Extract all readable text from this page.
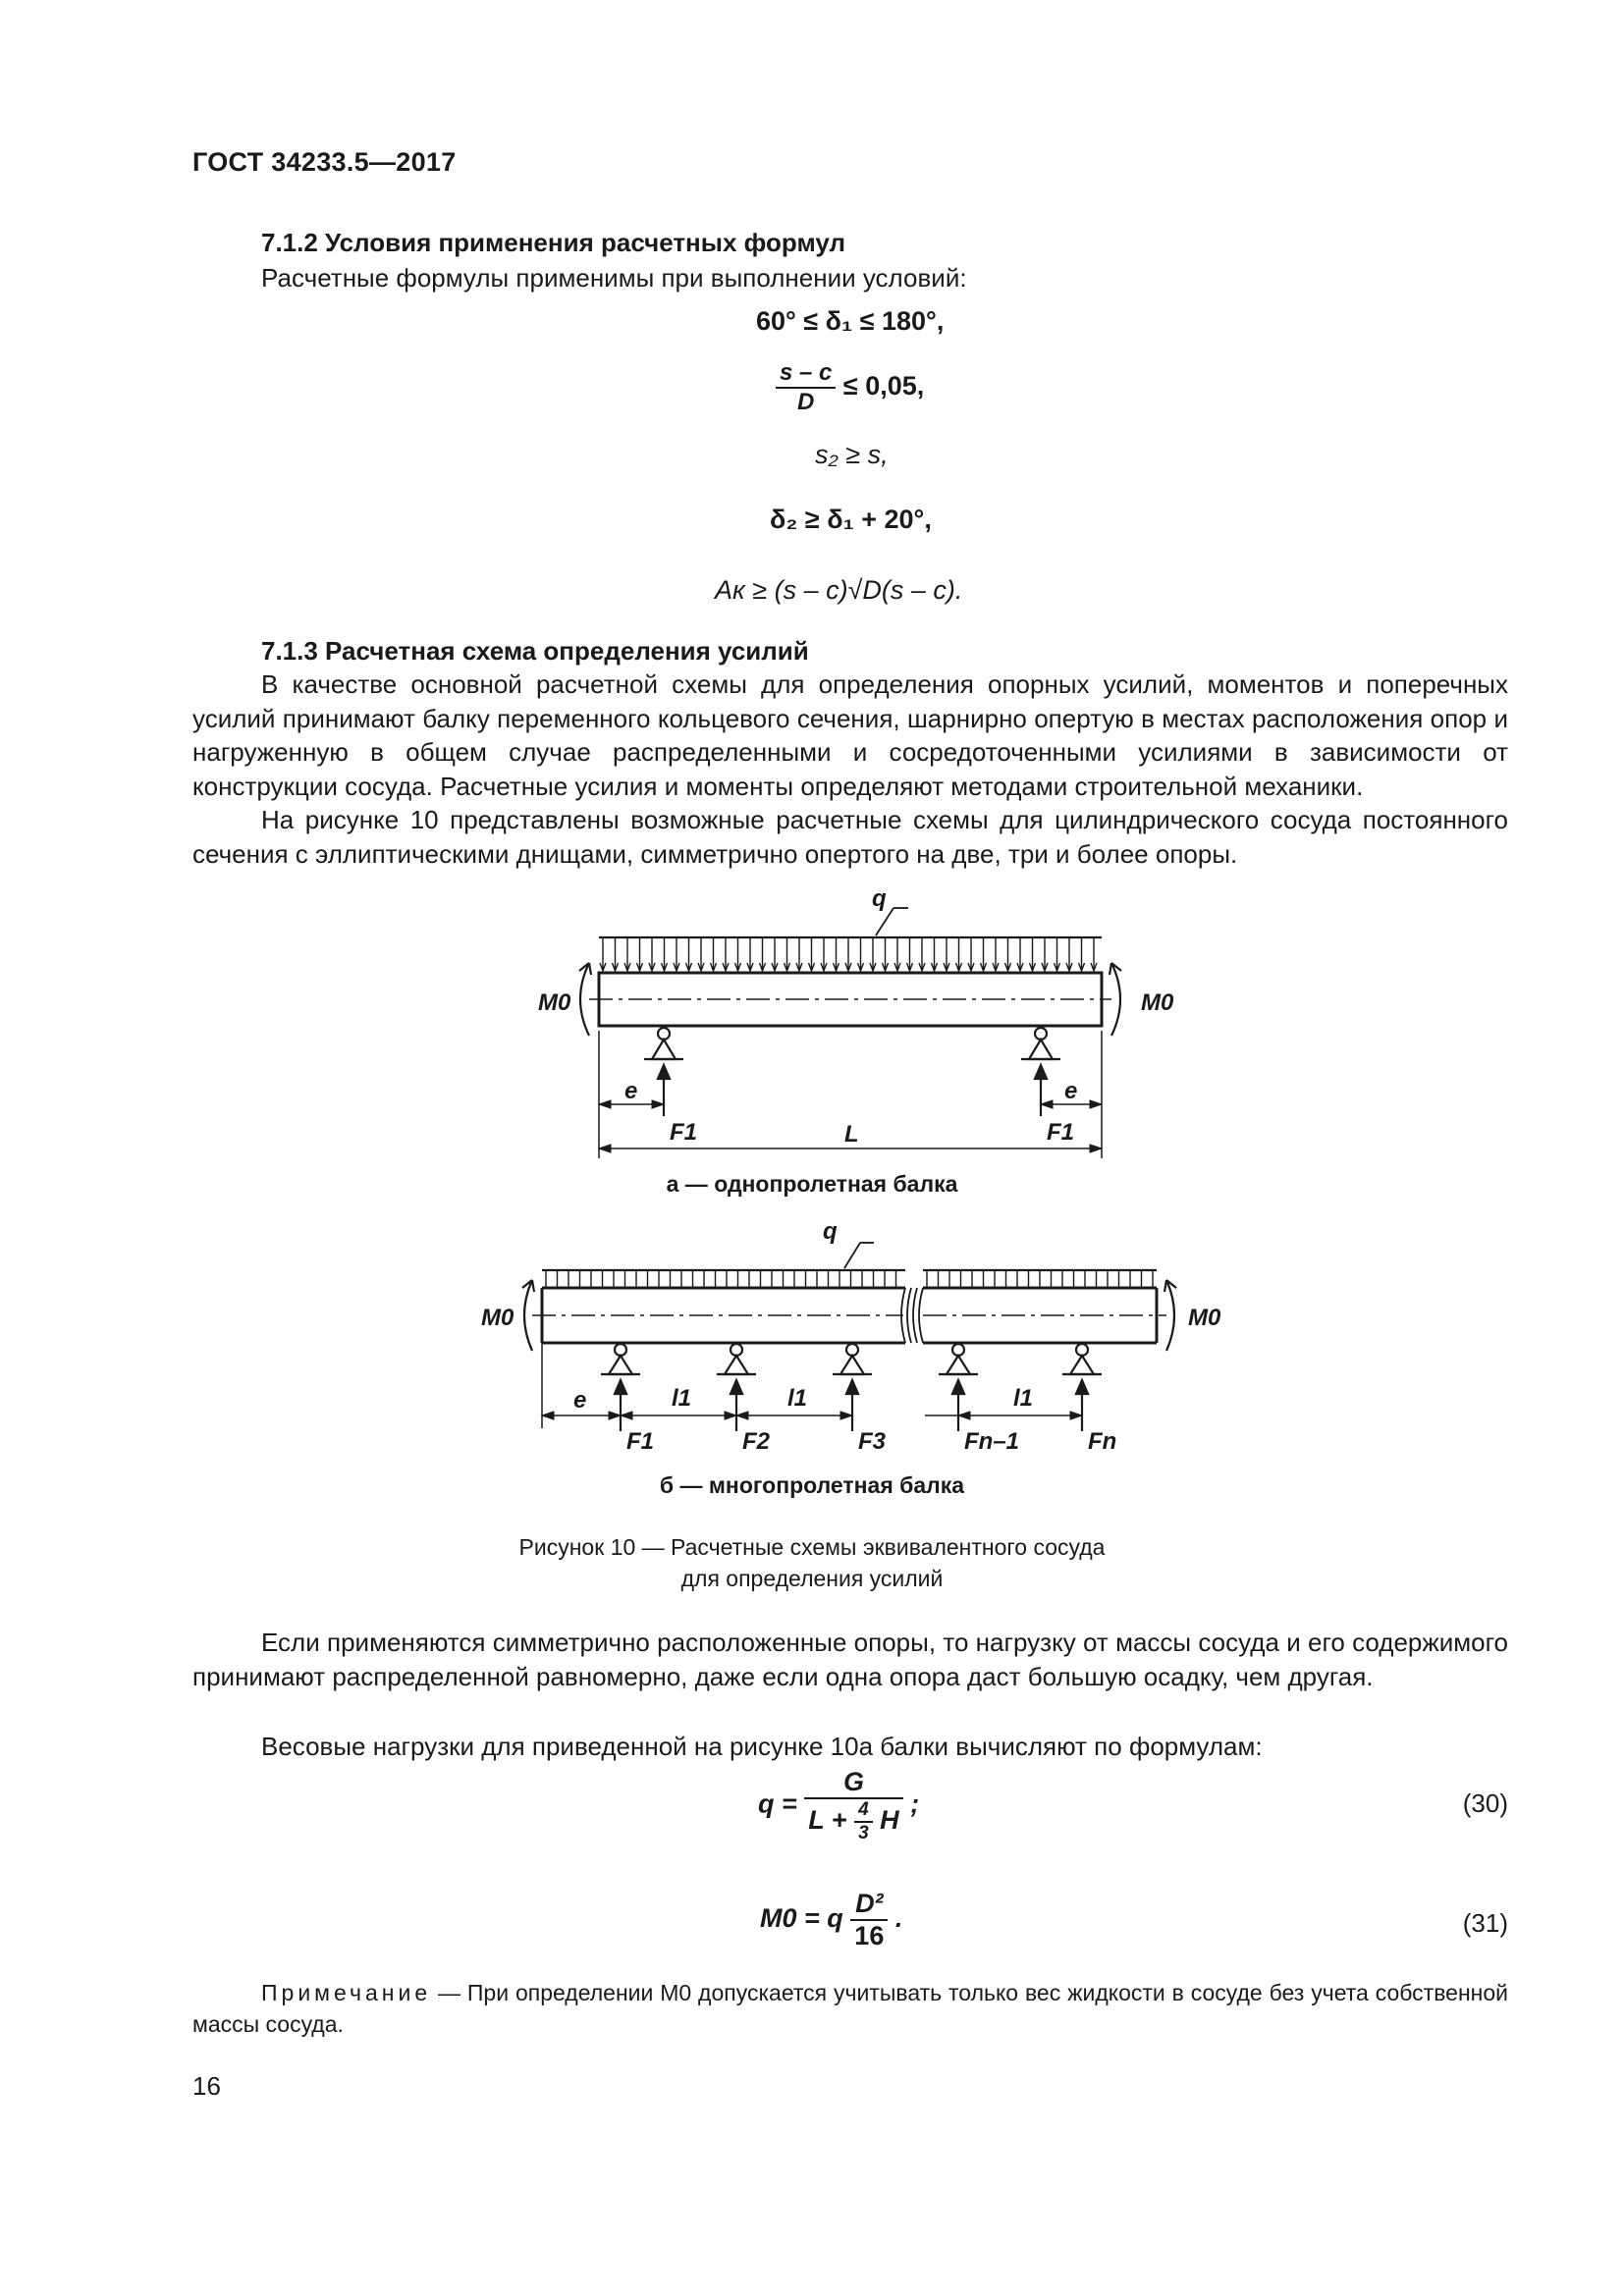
ГОСТ 34233.5—2017
7.1.2 Условия применения расчетных формул
Расчетные формулы применимы при выполнении условий:
60° ≤ δ₁ ≤ 180°,
$\frac{s - c}{D} \le 0,05$,
s₂ ≥ s,
δ₂ ≥ δ₁ + 20°,
Aк ≥ (s – c)√D(s – c).
7.1.3 Расчетная схема определения усилий
В качестве основной расчетной схемы для определения опорных усилий, моментов и поперечных усилий принимают балку переменного кольцевого сечения, шарнирно опертую в местах расположения опор и нагруженную в общем случае распределенными и сосредоточенными усилиями в зависимости от конструкции сосуда. Расчетные усилия и моменты определяют методами строительной механики.
На рисунке 10 представлены возможные расчетные схемы для цилиндрического сосуда постоянного сечения с эллиптическими днищами, симметрично опертого на две, три и более опоры.
q
M0	M0
e	e
F1	F1
L
а — однопролетная балка
q
M0	M0
e	l1	l1	l1
F1	F2	F3	Fn–1	Fn
б — многопролетная балка
Рисунок 10 — Расчетные схемы эквивалентного сосуда
для определения усилий
Если применяются симметрично расположенные опоры, то нагрузку от массы сосуда и его содержимого принимают распределенной равномерно, даже если одна опора даст большую осадку, чем другая.
Весовые нагрузки для приведенной на рисунке 10а балки вычисляют по формулам:
$q = \frac{G}{L + \frac{4}{3} H}$ ;	(30)
M0 = q $\frac{\text{D²}}{16}$ .	(31)
Примечание — При определении M0 допускается учитывать только вес жидкости в сосуде без учета собственной массы сосуда.
16
